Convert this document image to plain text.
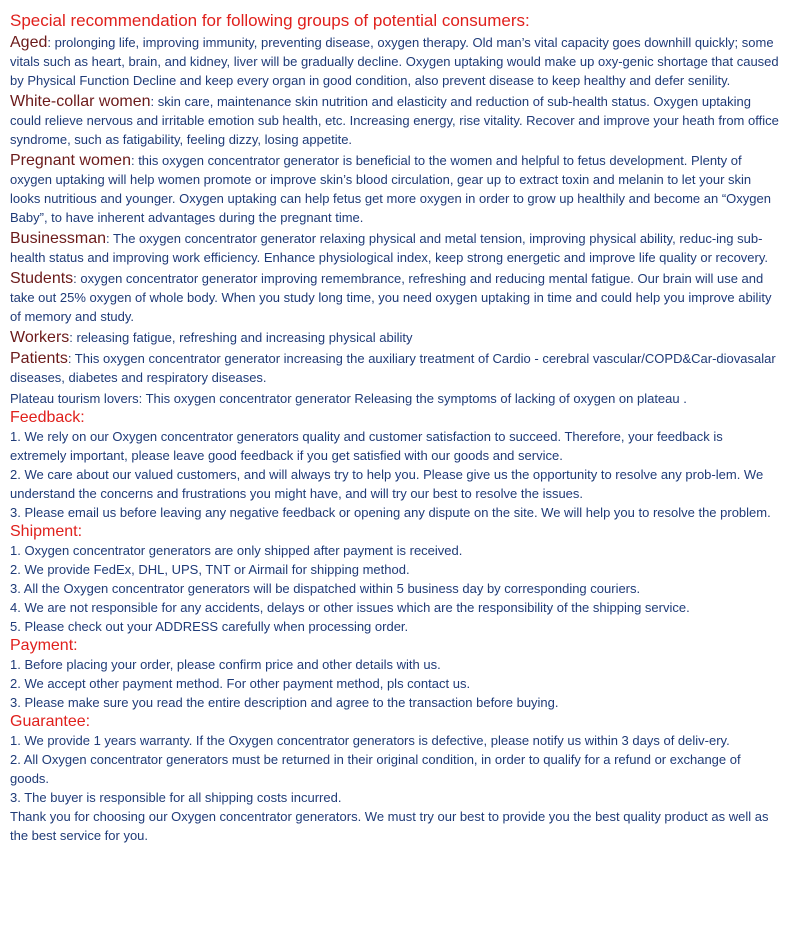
Special recommendation for following groups of potential consumers:
Aged: prolonging life, improving immunity, preventing disease, oxygen therapy. Old man’s vital capacity goes downhill quickly; some vitals such as heart, brain, and kidney, liver will be gradually decline. Oxygen uptaking would make up oxy-genic shortage that caused by Physical Function Decline and keep every organ in good condition, also prevent disease to keep healthy and defer senility.
White-collar women: skin care, maintenance skin nutrition and elasticity and reduction of sub-health status. Oxygen uptaking could relieve nervous and irritable emotion sub health, etc. Increasing energy, rise vitality. Recover and improve your heath from office syndrome, such as fatigability, feeling dizzy, losing appetite.
Pregnant women: this oxygen concentrator generator is beneficial to the women and helpful to fetus development. Plenty of oxygen uptaking will help women promote or improve skin’s blood circulation, gear up to extract toxin and melanin to let your skin looks nutritious and younger. Oxygen uptaking can help fetus get more oxygen in order to grow up healthily and become an “Oxygen Baby”, to have inherent advantages during the pregnant time.
Businessman: The oxygen concentrator generator relaxing physical and metal tension, improving physical ability, reduc-ing sub-health status and improving work efficiency. Enhance physiological index, keep strong energetic and improve life quality or recovery.
Students: oxygen concentrator generator improving remembrance, refreshing and reducing mental fatigue. Our brain will use and take out 25% oxygen of whole body. When you study long time, you need oxygen uptaking in time and could help you improve ability of memory and study.
Workers: releasing fatigue, refreshing and increasing physical ability
Patients: This oxygen concentrator generator increasing the auxiliary treatment of Cardio - cerebral vascular/COPD&Car-diovasalar diseases, diabetes and respiratory diseases.
Plateau tourism lovers: This oxygen concentrator generator Releasing the symptoms of lacking of oxygen on plateau .
Feedback:
1. We rely on our Oxygen concentrator generators quality and customer satisfaction to succeed. Therefore, your feedback is extremely important, please leave good feedback if you get satisfied with our goods and service.
2. We care about our valued customers, and will always try to help you. Please give us the opportunity to resolve any prob-lem. We understand the concerns and frustrations you might have, and will try our best to resolve the issues.
3. Please email us before leaving any negative feedback or opening any dispute on the site. We will help you to resolve the problem.
Shipment:
1. Oxygen concentrator generators are only shipped after payment is received.
2. We provide FedEx, DHL, UPS, TNT or Airmail for shipping method.
3. All the Oxygen concentrator generators will be dispatched within 5 business day by corresponding couriers.
4. We are not responsible for any accidents, delays or other issues which are the responsibility of the shipping service.
5. Please check out your ADDRESS carefully when processing order.
Payment:
1. Before placing your order, please confirm price and other details with us.
2. We accept other payment method. For other payment method, pls contact us.
3. Please make sure you read the entire description and agree to the transaction before buying.
Guarantee:
1. We provide 1 years warranty. If the Oxygen concentrator generators is defective, please notify us within 3 days of deliv-ery.
2. All Oxygen concentrator generators must be returned in their original condition, in order to qualify for a refund or exchange of goods.
3. The buyer is responsible for all shipping costs incurred.
Thank you for choosing our Oxygen concentrator generators. We must try our best to provide you the best quality product as well as the best service for you.
